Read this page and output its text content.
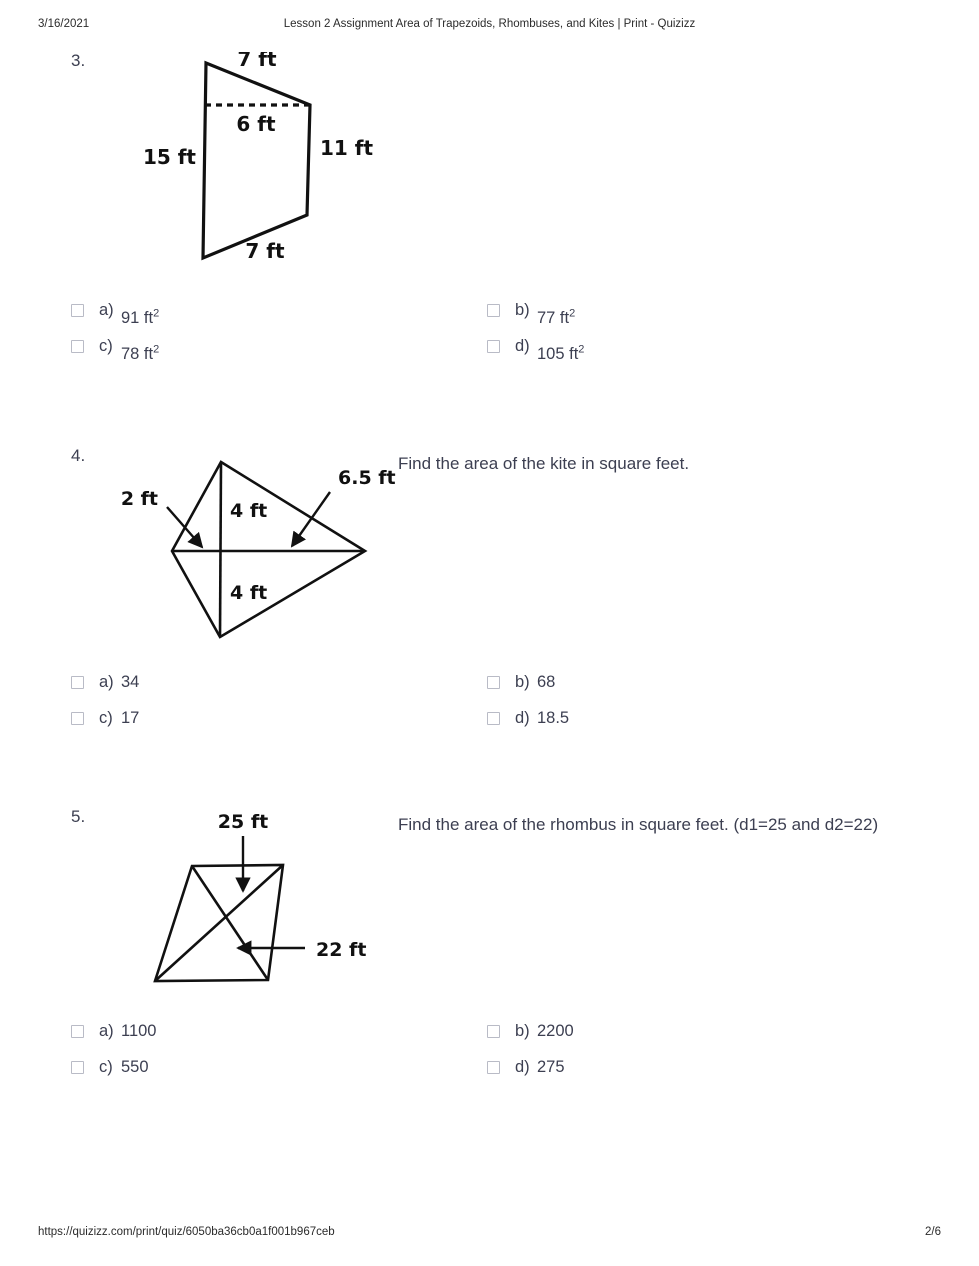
3/16/2021	Lesson 2 Assignment Area of Trapezoids, Rhombuses, and Kites | Print - Quizizz
3.	7 ft
6 ft
15 ft	11 ft
7 ft
a) 91 $ft^2$	b) 77 $ft^2$
c) 78 $ft^2$	d) 105 $ft^2$
4.
2 ft
4 ft
4 ft
6.5 ft
Find the area of the kite in square feet.
a) 34	b) 68
c) 17	d) 18.5
5.	25 ft
22 ft
Find the area of the rhombus in square feet. (d1=25 and d2=22)
a) 1100	b) 2200
c) 550	d) 275
https://quizizz.com/print/quiz/6050ba36cb0a1f001b967ceb	2/6
